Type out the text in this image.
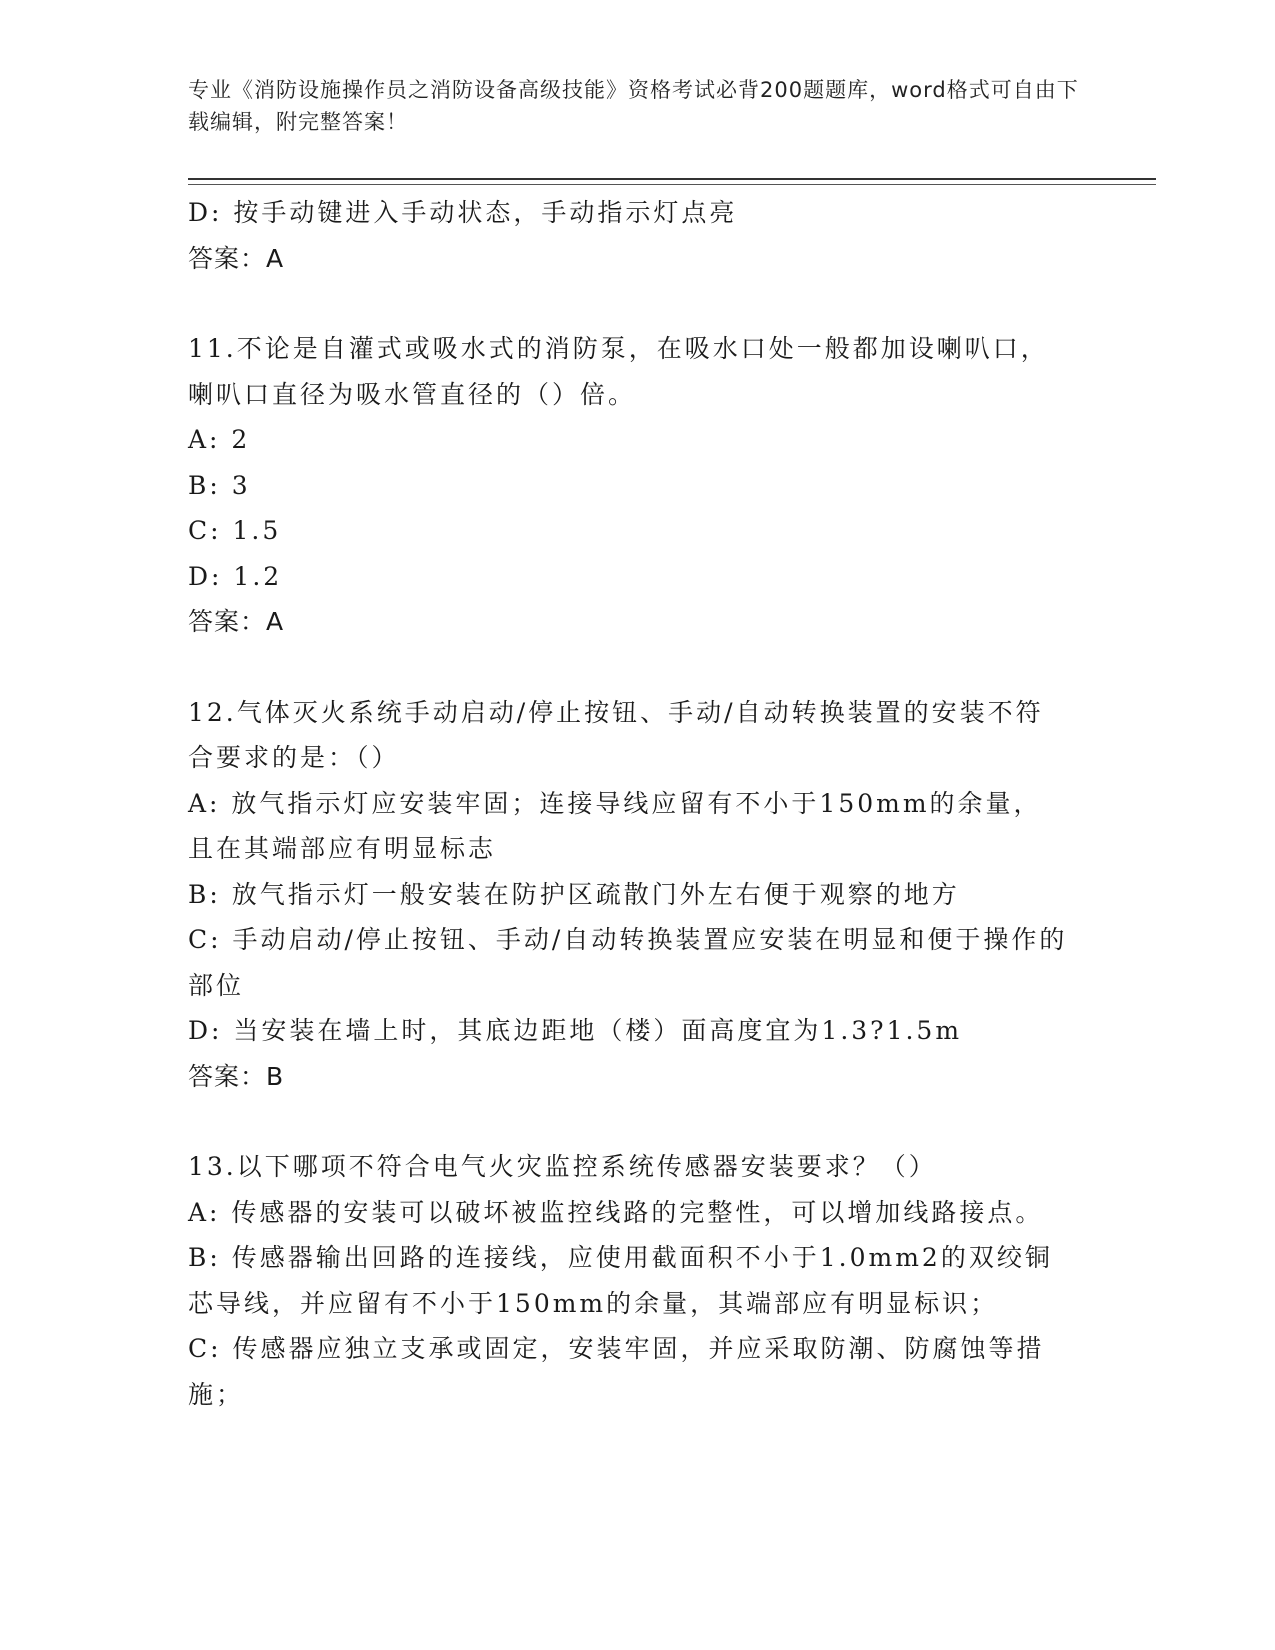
专业《消防设施操作员之消防设备高级技能》资格考试必背200题题库，word格式可自由下载编辑，附完整答案！
D: 按手动键进入手动状态，手动指示灯点亮
答案：A
11.不论是自灌式或吸水式的消防泵，在吸水口处一般都加设喇叭口，喇叭口直径为吸水管直径的（）倍。
A: 2
B: 3
C: 1.5
D: 1.2
答案：A
12.气体灭火系统手动启动/停止按钮、手动/自动转换装置的安装不符合要求的是：（）
A: 放气指示灯应安装牢固；连接导线应留有不小于150mm的余量，且在其端部应有明显标志
B: 放气指示灯一般安装在防护区疏散门外左右便于观察的地方
C: 手动启动/停止按钮、手动/自动转换装置应安装在明显和便于操作的部位
D: 当安装在墙上时，其底边距地（楼）面高度宜为1.3?1.5m
答案：B
13.以下哪项不符合电气火灾监控系统传感器安装要求？（）
A: 传感器的安装可以破坏被监控线路的完整性，可以增加线路接点。
B: 传感器输出回路的连接线，应使用截面积不小于1.0mm2的双绞铜芯导线，并应留有不小于150mm的余量，其端部应有明显标识；
C: 传感器应独立支承或固定，安装牢固，并应采取防潮、防腐蚀等措施；
